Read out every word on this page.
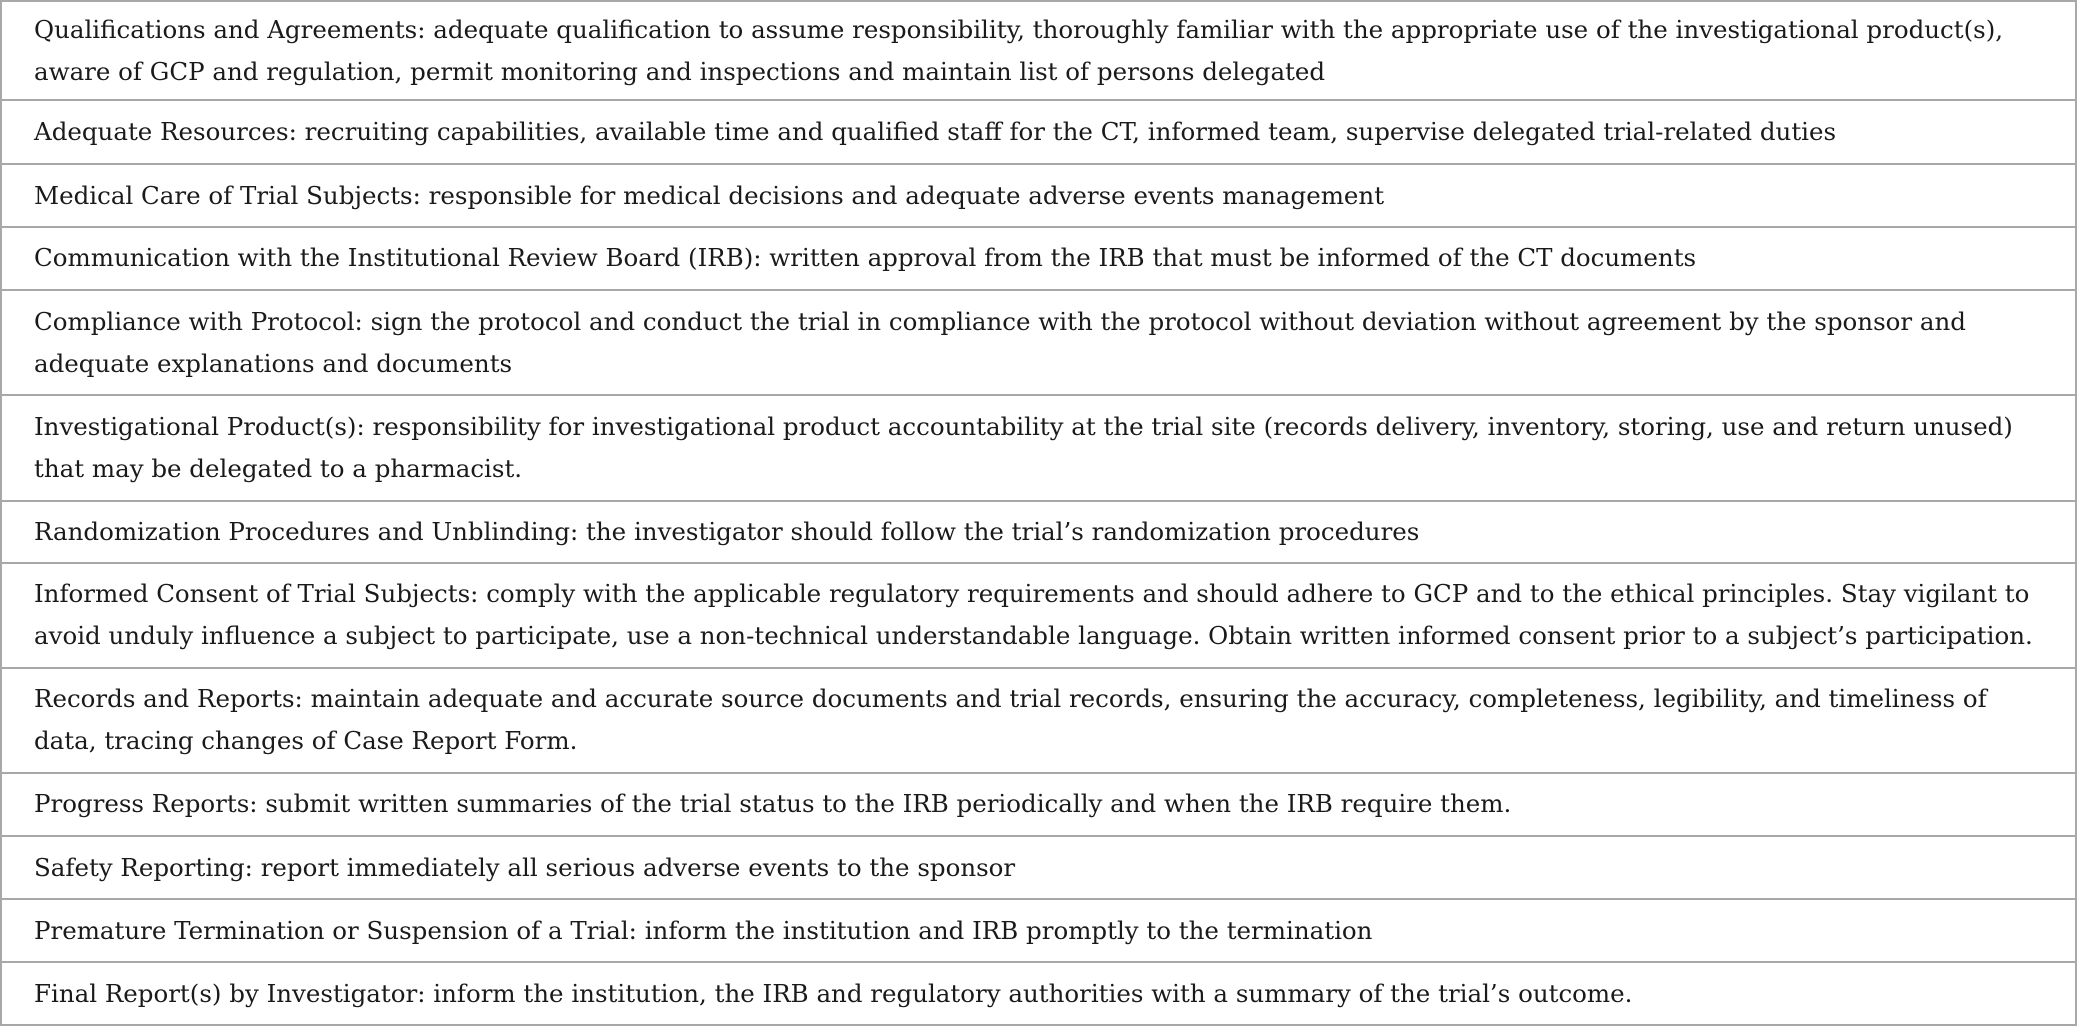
Qualifications and Agreements: adequate qualification to assume responsibility, thoroughly familiar with the appropriate use of the investigational product(s), aware of GCP and regulation, permit monitoring and inspections and maintain list of persons delegated
Adequate Resources: recruiting capabilities, available time and qualified staff for the CT, informed team, supervise delegated trial-related duties
Medical Care of Trial Subjects: responsible for medical decisions and adequate adverse events management
Communication with the Institutional Review Board (IRB): written approval from the IRB that must be informed of the CT documents
Compliance with Protocol: sign the protocol and conduct the trial in compliance with the protocol without deviation without agreement by the sponsor and adequate explanations and documents
Investigational Product(s): responsibility for investigational product accountability at the trial site (records delivery, inventory, storing, use and return unused) that may be delegated to a pharmacist.
Randomization Procedures and Unblinding: the investigator should follow the trial’s randomization procedures
Informed Consent of Trial Subjects: comply with the applicable regulatory requirements and should adhere to GCP and to the ethical principles. Stay vigilant to avoid unduly influence a subject to participate, use a non-technical understandable language. Obtain written informed consent prior to a subject’s participation.
Records and Reports: maintain adequate and accurate source documents and trial records, ensuring the accuracy, completeness, legibility, and timeliness of data, tracing changes of Case Report Form.
Progress Reports: submit written summaries of the trial status to the IRB periodically and when the IRB require them.
Safety Reporting: report immediately all serious adverse events to the sponsor
Premature Termination or Suspension of a Trial: inform the institution and IRB promptly to the termination
Final Report(s) by Investigator: inform the institution, the IRB and regulatory authorities with a summary of the trial’s outcome.
